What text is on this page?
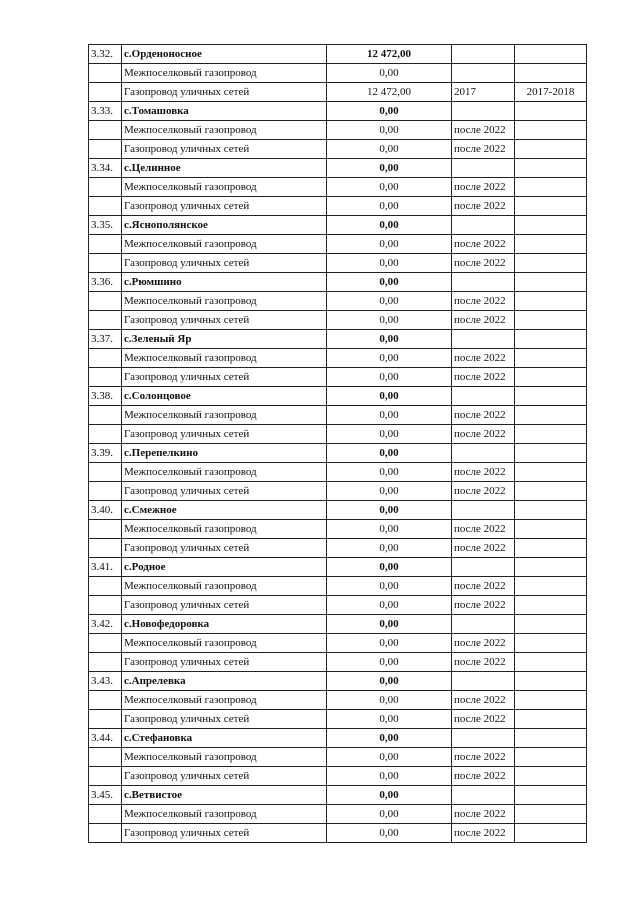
3.32.	с.Орденоносное	12 472,00		
	Межпоселковый газопровод	0,00		
	Газопровод уличных сетей	12 472,00	2017	2017-2018
3.33.	с.Томашовка	0,00		
	Межпоселковый газопровод	0,00	после 2022	
	Газопровод уличных сетей	0,00	после 2022	
3.34.	с.Целинное	0,00		
	Межпоселковый газопровод	0,00	после 2022	
	Газопровод уличных сетей	0,00	после 2022	
3.35.	с.Яснополянское	0,00		
	Межпоселковый газопровод	0,00	после 2022	
	Газопровод уличных сетей	0,00	после 2022	
3.36.	с.Рюмшино	0,00		
	Межпоселковый газопровод	0,00	после 2022	
	Газопровод уличных сетей	0,00	после 2022	
3.37.	с.Зеленый Яр	0,00		
	Межпоселковый газопровод	0,00	после 2022	
	Газопровод уличных сетей	0,00	после 2022	
3.38.	с.Солонцовое	0,00		
	Межпоселковый газопровод	0,00	после 2022	
	Газопровод уличных сетей	0,00	после 2022	
3.39.	с.Перепелкино	0,00		
	Межпоселковый газопровод	0,00	после 2022	
	Газопровод уличных сетей	0,00	после 2022	
3.40.	с.Смежное	0,00		
	Межпоселковый газопровод	0,00	после 2022	
	Газопровод уличных сетей	0,00	после 2022	
3.41.	с.Родное	0,00		
	Межпоселковый газопровод	0,00	после 2022	
	Газопровод уличных сетей	0,00	после 2022	
3.42.	с.Новофедоровка	0,00		
	Межпоселковый газопровод	0,00	после 2022	
	Газопровод уличных сетей	0,00	после 2022	
3.43.	с.Апрелевка	0,00		
	Межпоселковый газопровод	0,00	после 2022	
	Газопровод уличных сетей	0,00	после 2022	
3.44.	с.Стефановка	0,00		
	Межпоселковый газопровод	0,00	после 2022	
	Газопровод уличных сетей	0,00	после 2022	
3.45.	с.Ветвистое	0,00		
	Межпоселковый газопровод	0,00	после 2022	
	Газопровод уличных сетей	0,00	после 2022	
